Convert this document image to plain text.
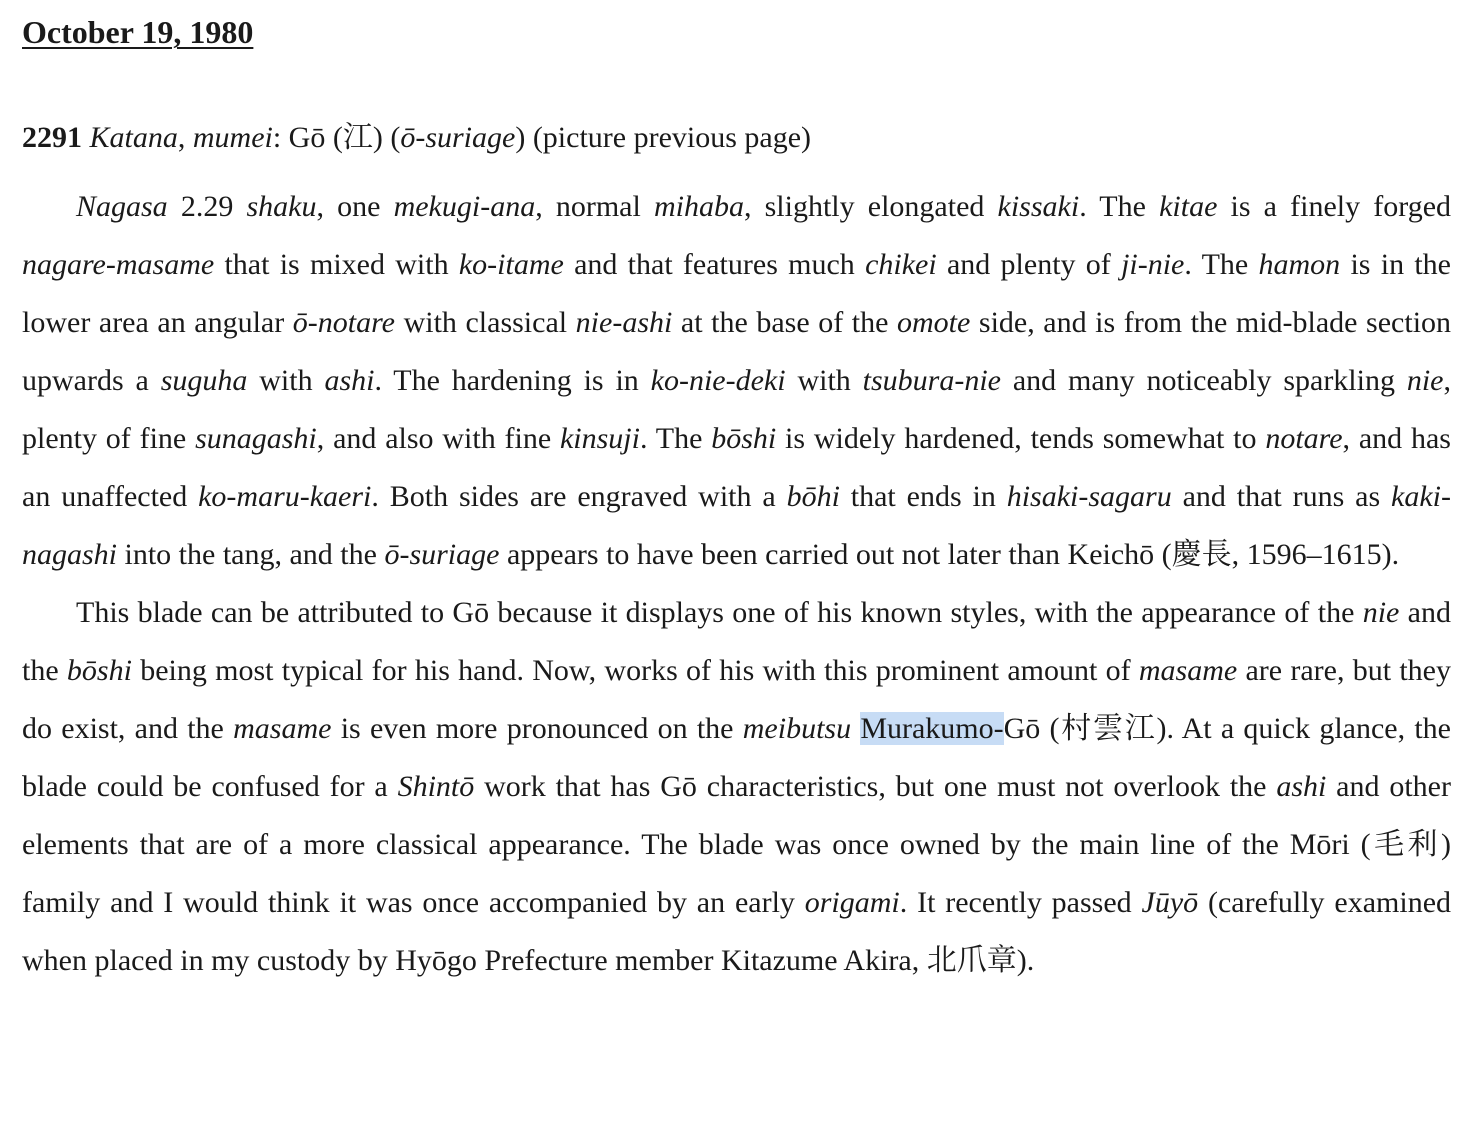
October 19, 1980
2291 Katana, mumei: Gō (江) (ō-suriage) (picture previous page)

Nagasa 2.29 shaku, one mekugi-ana, normal mihaba, slightly elongated kissaki. The kitae is a finely forged nagare-masame that is mixed with ko-itame and that features much chikei and plenty of ji-nie. The hamon is in the lower area an angular ō-notare with classical nie-ashi at the base of the omote side, and is from the mid-blade section upwards a suguha with ashi. The hardening is in ko-nie-deki with tsubura-nie and many noticeably sparkling nie, plenty of fine sunagashi, and also with fine kinsuji. The bōshi is widely hardened, tends somewhat to notare, and has an unaffected ko-maru-kaeri. Both sides are engraved with a bōhi that ends in hisaki-sagaru and that runs as kaki-nagashi into the tang, and the ō-suriage appears to have been carried out not later than Keichō (慶長, 1596–1615).

This blade can be attributed to Gō because it displays one of his known styles, with the appearance of the nie and the bōshi being most typical for his hand. Now, works of his with this prominent amount of masame are rare, but they do exist, and the masame is even more pronounced on the meibutsu Murakumo-Gō (村雲江). At a quick glance, the blade could be confused for a Shintō work that has Gō characteristics, but one must not overlook the ashi and other elements that are of a more classical appearance. The blade was once owned by the main line of the Mōri (毛利) family and I would think it was once accompanied by an early origami. It recently passed Jūyō (carefully examined when placed in my custody by Hyōgo Prefecture member Kitazume Akira, 北爪章).
